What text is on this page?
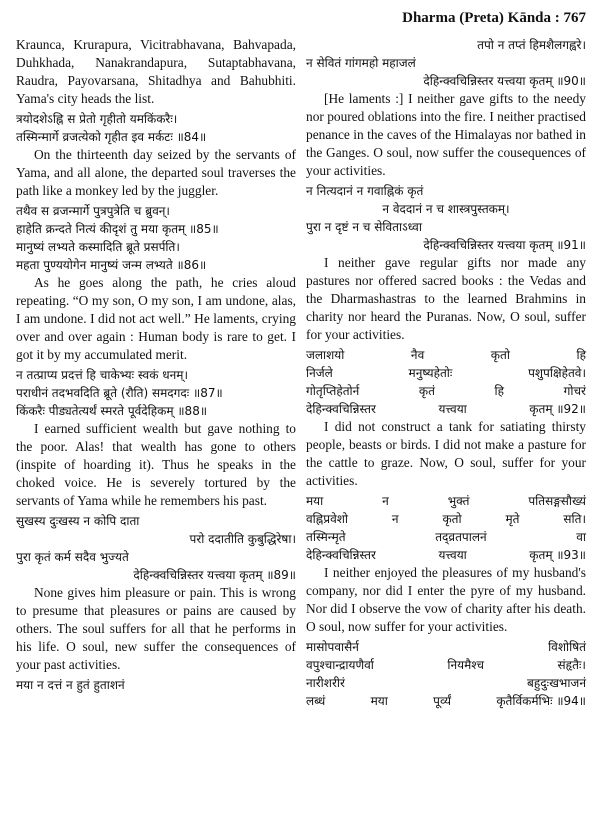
Dharma (Preta) Kānda : 767

Kraunca, Krurapura, Vicitrabhavana, Bahvapada, Duhkhada, Nanakrandapura, Sutaptabhavana, Raudra, Payovarsana, Shitadhya and Bahubhiti. Yama's city heads the list.

त्रयोदशेऽह्नि स प्रेतो गृहीतो यमकिंकरैः।

तस्मिन्मार्गे व्रजत्येको गृहीत इव मर्कटः ॥84॥

On the thirteenth day seized by the servants of Yama, and all alone, the departed soul traverses the path like a monkey led by the juggler.

तथैव स व्रजन्मार्गे पुत्रपुत्रेति च ब्रुवन्।

हाहेति क्रन्दते नित्यं कीदृशं तु मया कृतम् ॥85॥

मानुष्यं लभ्यते कस्मादिति ब्रूते प्रसर्पति।

महता पुण्ययोगेन मानुष्यं जन्म लभ्यते ॥86॥

As he goes along the path, he cries aloud repeating. “O my son, O my son, I am undone, alas, I am undone. I did not act well.” He laments, crying over and over again : Human body is rare to get. I got it by my accumulated merit.

न तत्प्राप्य प्रदत्तं हि चाकेभ्यः स्वकं धनम्।

पराधीनं तदभवदिति ब्रूते (रौति) समदगदः ॥87॥

किंकरैः पीड्यतेत्यर्थं स्मरते पूर्वदेहिकम् ॥88॥

I earned sufficient wealth but gave nothing to the poor. Alas! that wealth has gone to others (inspite of hoarding it). Thus he speaks in the choked voice. He is severely tortured by the servants of Yama while he remembers his past.

सुखस्य दुःखस्य न कोपि दाता

परो ददातीति कुबुद्धिरेषा।

पुरा कृतं कर्म सदैव भुज्यते

देहिन्क्वचिन्निस्तर यत्त्वया कृतम् ॥89॥

None gives him pleasure or pain. This is wrong to presume that pleasures or pains are caused by others. The soul suffers for all that he performs in his life. O soul, new suffer the consequences of your past activities.

मया न दत्तं न हुतं हुताशनं

तपो न तप्तं हिमशैलगह्वरे।

न सेवितं गांगमहो महाजलं

देहिन्क्वचिन्निस्तर यत्त्वया कृतम् ॥90॥

[He laments :] I neither gave gifts to the needy nor poured oblations into the fire. I neither practised penance in the caves of the Himalayas nor bathed in the Ganges. O soul, now suffer the cousequences of your activities.

न नित्यदानं न गवाह्निकं कृतं

न वेददानं न च शास्त्रपुस्तकम्।

पुरा न दृष्टं न च सेविताऽध्वा

देहिन्क्वचिन्निस्तर यत्त्वया कृतम् ॥91॥

I neither gave regular gifts nor made any pastures nor offered sacred books : the Vedas and the Dharmashastras to the learned Brahmins in charity nor heard the Puranas. Now, O soul, suffer for your activities.

जलाशयो	नैव	कृतो	हि

निर्जले	मनुष्यहेतोः	पशुपक्षिहेतवे।

गोतृप्तिहेतोर्न	कृतं	हि	गोचरं

देहिन्क्वचिन्निस्तर	यत्त्वया	कृतम् ॥92॥

I did not construct a tank for satiating thirsty people, beasts or birds. I did not make a pasture for the cattle to graze. Now, O soul, suffer for your activities.

मया	न	भुक्तं	पतिसङ्गसौख्यं

वह्निप्रवेशो	न	कृतो	मृते	सति।

तस्मिन्मृते	तद्व्रतपालनं	वा

देहिन्क्वचिन्निस्तर	यत्त्वया	कृतम् ॥93॥

I neither enjoyed the pleasures of my husband's company, nor did I enter the pyre of my husband. Nor did I observe the vow of charity after his death. O soul, now suffer for your activities.

मासोपवासैर्न	विशोषितं

वपुश्चान्द्रायणैर्वा	नियमैश्च	संहृतैः।

नारीशरीरं	बहुदुःखभाजनं

लब्धं	मया	पूर्व्यं	कृतैर्विकर्मभिः ॥94॥
